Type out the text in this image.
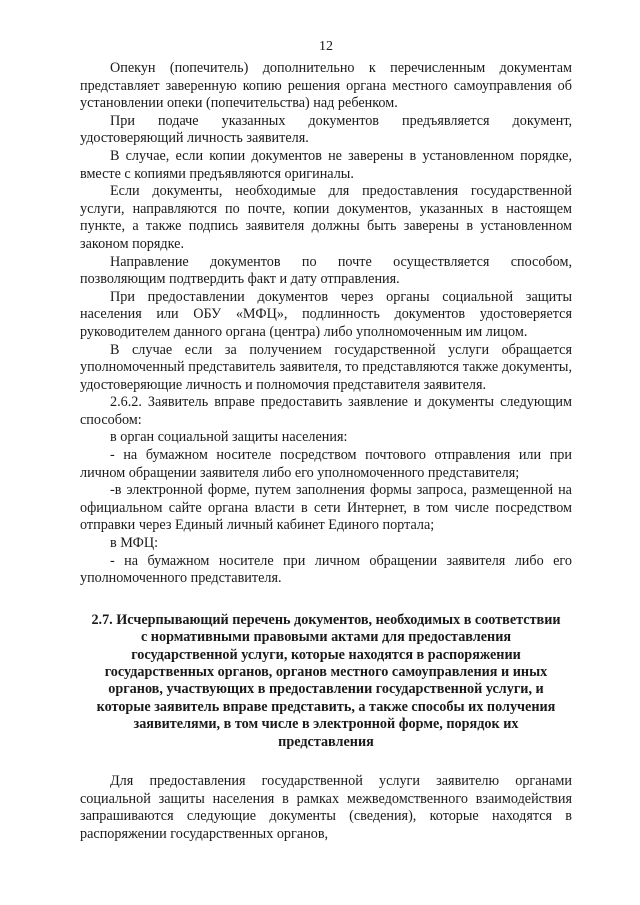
12

Опекун (попечитель) дополнительно к перечисленным документам представляет заверенную копию решения органа местного самоуправления об установлении опеки (попечительства) над ребенком.

При подаче указанных документов предъявляется документ, удостоверяющий личность заявителя.

В случае, если копии документов не заверены в установленном порядке, вместе с копиями предъявляются оригиналы.

Если документы, необходимые для предоставления государственной услуги, направляются по почте, копии документов, указанных в настоящем пункте, а также подпись заявителя должны быть заверены в установленном законом порядке.

Направление документов по почте осуществляется способом, позволяющим подтвердить факт и дату отправления.

При предоставлении документов через органы социальной защиты населения или ОБУ «МФЦ», подлинность документов удостоверяется руководителем данного органа (центра) либо уполномоченным им лицом.

В случае если за получением государственной услуги обращается уполномоченный представитель заявителя, то представляются также документы, удостоверяющие личность и полномочия представителя заявителя.

2.6.2. Заявитель вправе предоставить заявление и документы следующим способом:

в орган социальной защиты населения:

- на бумажном носителе посредством почтового отправления или при личном обращении заявителя либо его уполномоченного представителя;

-в электронной форме, путем заполнения формы запроса, размещенной на официальном сайте органа власти в сети Интернет, в том числе посредством отправки через Единый личный кабинет Единого портала;

в МФЦ:

- на бумажном носителе при личном обращении заявителя либо его уполномоченного представителя.

2.7. Исчерпывающий перечень документов, необходимых в соответствии с нормативными правовыми актами для предоставления государственной услуги, которые находятся в распоряжении государственных органов, органов местного самоуправления и иных органов, участвующих в предоставлении государственной услуги, и которые заявитель вправе представить, а также способы их получения заявителями, в том числе в электронной форме, порядок их представления

Для предоставления государственной услуги заявителю органами социальной защиты населения в рамках межведомственного взаимодействия запрашиваются следующие документы (сведения), которые находятся в распоряжении государственных органов,
